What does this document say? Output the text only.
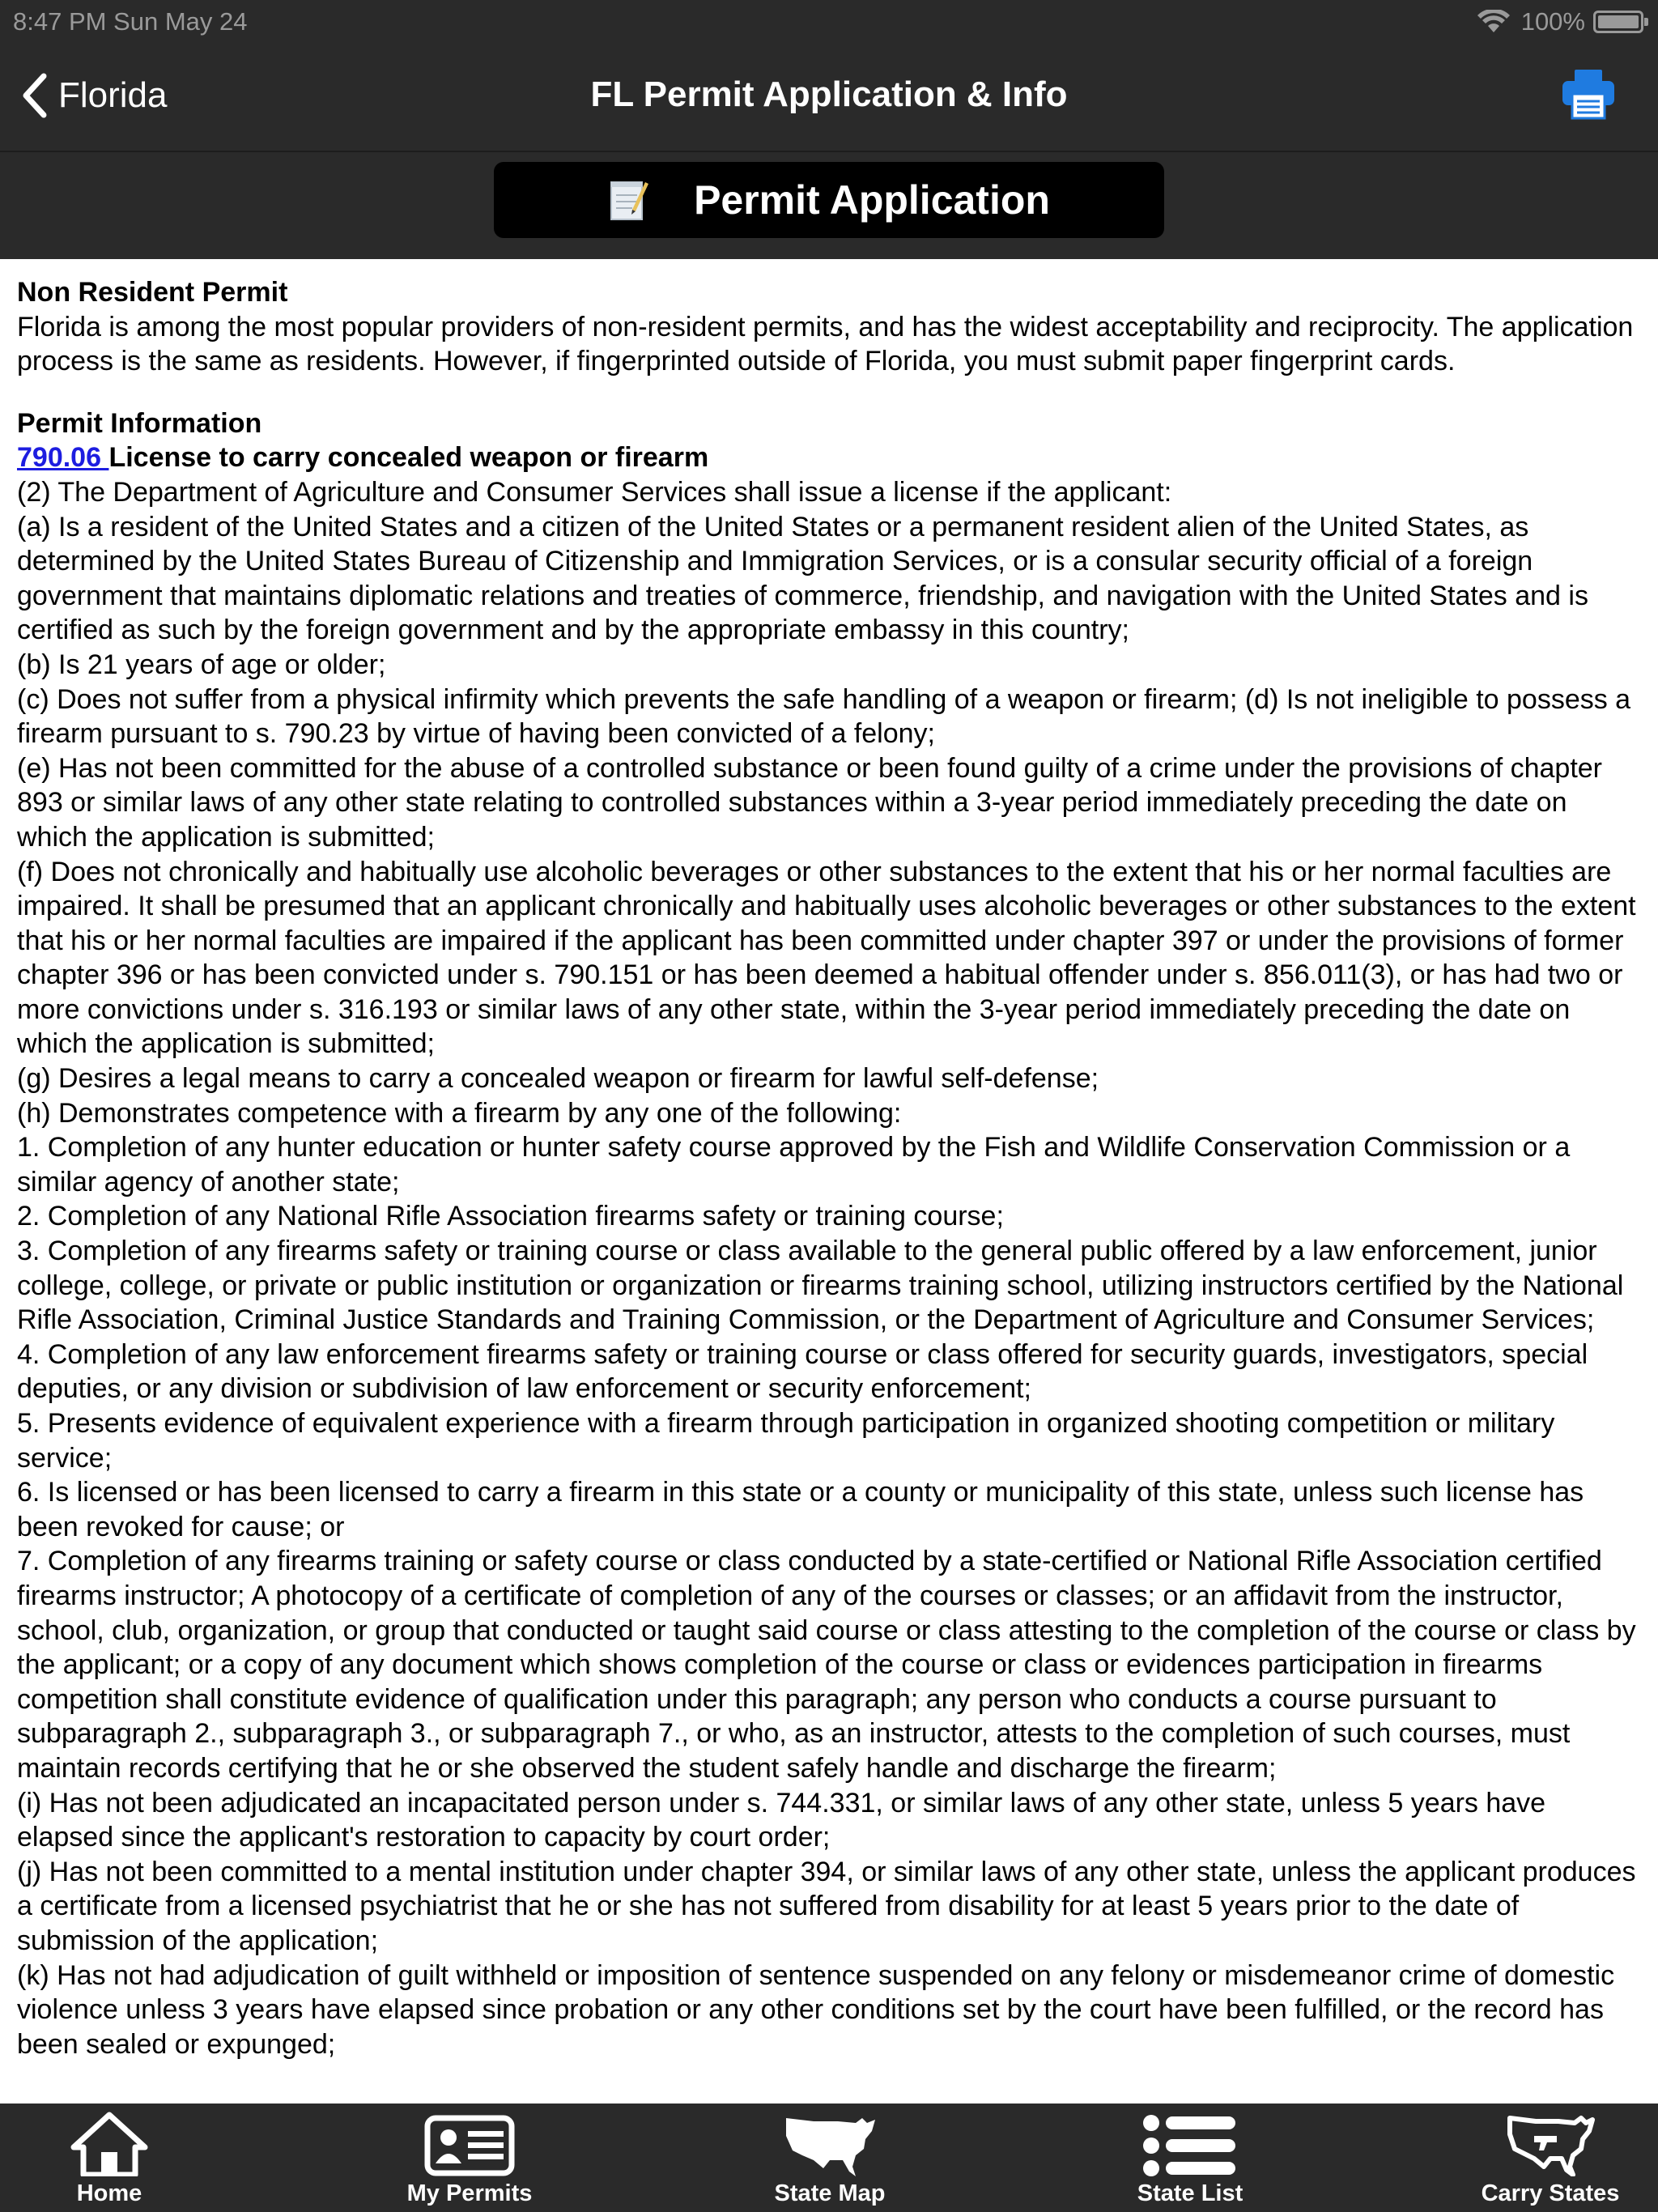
8:47 PM Sun May 24	100%
Florida	FL Permit Application & Info
Permit Application

Non Resident Permit

Florida is among the most popular providers of non-resident permits, and has the widest acceptability and reciprocity. The application process is the same as residents. However, if fingerprinted outside of Florida, you must submit paper fingerprint cards.

Permit Information

790.06 License to carry concealed weapon or firearm

(2) The Department of Agriculture and Consumer Services shall issue a license if the applicant:

(a) Is a resident of the United States and a citizen of the United States or a permanent resident alien of the United States, as determined by the United States Bureau of Citizenship and Immigration Services, or is a consular security official of a foreign government that maintains diplomatic relations and treaties of commerce, friendship, and navigation with the United States and is certified as such by the foreign government and by the appropriate embassy in this country;

(b) Is 21 years of age or older;

(c) Does not suffer from a physical infirmity which prevents the safe handling of a weapon or firearm; (d) Is not ineligible to possess a firearm pursuant to s. 790.23 by virtue of having been convicted of a felony;

(e) Has not been committed for the abuse of a controlled substance or been found guilty of a crime under the provisions of chapter 893 or similar laws of any other state relating to controlled substances within a 3-year period immediately preceding the date on which the application is submitted;

(f) Does not chronically and habitually use alcoholic beverages or other substances to the extent that his or her normal faculties are impaired. It shall be presumed that an applicant chronically and habitually uses alcoholic beverages or other substances to the extent that his or her normal faculties are impaired if the applicant has been committed under chapter 397 or under the provisions of former chapter 396 or has been convicted under s. 790.151 or has been deemed a habitual offender under s. 856.011(3), or has had two or more convictions under s. 316.193 or similar laws of any other state, within the 3-year period immediately preceding the date on which the application is submitted;

(g) Desires a legal means to carry a concealed weapon or firearm for lawful self-defense;

(h) Demonstrates competence with a firearm by any one of the following:

1. Completion of any hunter education or hunter safety course approved by the Fish and Wildlife Conservation Commission or a similar agency of another state;

2. Completion of any National Rifle Association firearms safety or training course;

3. Completion of any firearms safety or training course or class available to the general public offered by a law enforcement, junior college, college, or private or public institution or organization or firearms training school, utilizing instructors certified by the National Rifle Association, Criminal Justice Standards and Training Commission, or the Department of Agriculture and Consumer Services;

4. Completion of any law enforcement firearms safety or training course or class offered for security guards, investigators, special deputies, or any division or subdivision of law enforcement or security enforcement;

5. Presents evidence of equivalent experience with a firearm through participation in organized shooting competition or military service;

6. Is licensed or has been licensed to carry a firearm in this state or a county or municipality of this state, unless such license has been revoked for cause; or

7. Completion of any firearms training or safety course or class conducted by a state-certified or National Rifle Association certified firearms instructor; A photocopy of a certificate of completion of any of the courses or classes; or an affidavit from the instructor, school, club, organization, or group that conducted or taught said course or class attesting to the completion of the course or class by the applicant; or a copy of any document which shows completion of the course or class or evidences participation in firearms competition shall constitute evidence of qualification under this paragraph; any person who conducts a course pursuant to subparagraph 2., subparagraph 3., or subparagraph 7., or who, as an instructor, attests to the completion of such courses, must maintain records certifying that he or she observed the student safely handle and discharge the firearm;

(i) Has not been adjudicated an incapacitated person under s. 744.331, or similar laws of any other state, unless 5 years have elapsed since the applicant's restoration to capacity by court order;

(j) Has not been committed to a mental institution under chapter 394, or similar laws of any other state, unless the applicant produces a certificate from a licensed psychiatrist that he or she has not suffered from disability for at least 5 years prior to the date of submission of the application;

(k) Has not had adjudication of guilt withheld or imposition of sentence suspended on any felony or misdemeanor crime of domestic violence unless 3 years have elapsed since probation or any other conditions set by the court have been fulfilled, or the record has been sealed or expunged;

Home	My Permits	State Map	State List	Carry States
